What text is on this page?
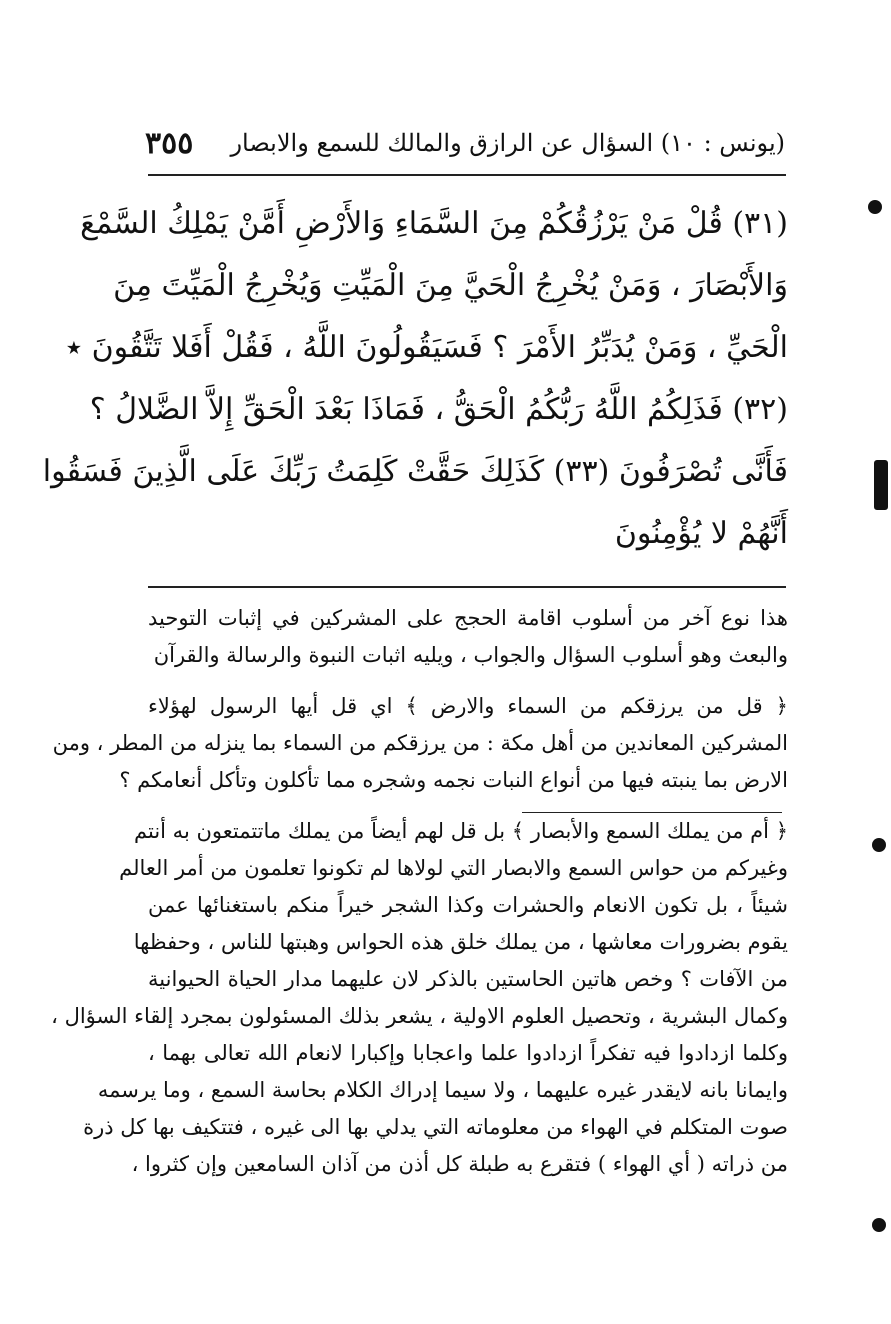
٣٥٥ (يونس : ١٠) السؤال عن الرازق والمالك للسمع والابصار
(٣١) قُلْ مَنْ يَرْزُقُكُمْ مِنَ السَّمَاءِ وَالأَرْضِ أَمَّنْ يَمْلِكُ السَّمْعَ
وَالأَبْصَارَ ، وَمَنْ يُخْرِجُ الْحَيَّ مِنَ الْمَيِّتِ وَيُخْرِجُ الْمَيِّتَ مِنَ
الْحَيِّ ، وَمَنْ يُدَبِّرُ الأَمْرَ ؟ فَسَيَقُولُونَ اللَّهُ ، فَقُلْ أَفَلا تَتَّقُونَ ٭
(٣٢) فَذَلِكُمُ اللَّهُ رَبُّكُمُ الْحَقُّ ، فَمَاذَا بَعْدَ الْحَقِّ إِلاَّ الضَّلالُ ؟
فَأَنَّى تُصْرَفُونَ (٣٣) كَذَلِكَ حَقَّتْ كَلِمَتُ رَبِّكَ عَلَى الَّذِينَ فَسَقُوا
أَنَّهُمْ لا يُؤْمِنُونَ
هذا نوع آخر من أسلوب اقامة الحجج على المشركين في إثبات التوحيد
والبعث وهو أسلوب السؤال والجواب ، ويليه اثبات النبوة والرسالة والقرآن
﴿ قل من يرزقكم من السماء والارض ﴾ اي قل أيها الرسول لهؤلاء
المشركين المعاندين من أهل مكة : من يرزقكم من السماء بما ينزله من المطر ، ومن
الارض بما ينبته فيها من أنواع النبات نجمه وشجره مما تأكلون وتأكل أنعامكم ؟
﴿ أم من يملك السمع والأبصار ﴾ بل قل لهم أيضاً من يملك ماتتمتعون به أنتم
وغيركم من حواس السمع والابصار التي لولاها لم تكونوا تعلمون من أمر العالم
شيئاً ، بل تكون الانعام والحشرات وكذا الشجر خيراً منكم باستغنائها عمن
يقوم بضرورات معاشها ، من يملك خلق هذه الحواس وهبتها للناس ، وحفظها
من الآفات ؟ وخص هاتين الحاستين بالذكر لان عليهما مدار الحياة الحيوانية
وكمال البشرية ، وتحصيل العلوم الاولية ، يشعر بذلك المسئولون بمجرد إلقاء السؤال ،
وكلما ازدادوا فيه تفكراً ازدادوا علما واعجابا وإكبارا لانعام الله تعالى بهما ،
وايمانا بانه لايقدر غيره عليهما ، ولا سيما إدراك الكلام بحاسة السمع ، وما يرسمه
صوت المتكلم في الهواء من معلوماته التي يدلي بها الى غيره ، فتتكيف بها كل ذرة
من ذراته ( أي الهواء ) فتقرع به طبلة كل أذن من آذان السامعين وإن كثروا ،
